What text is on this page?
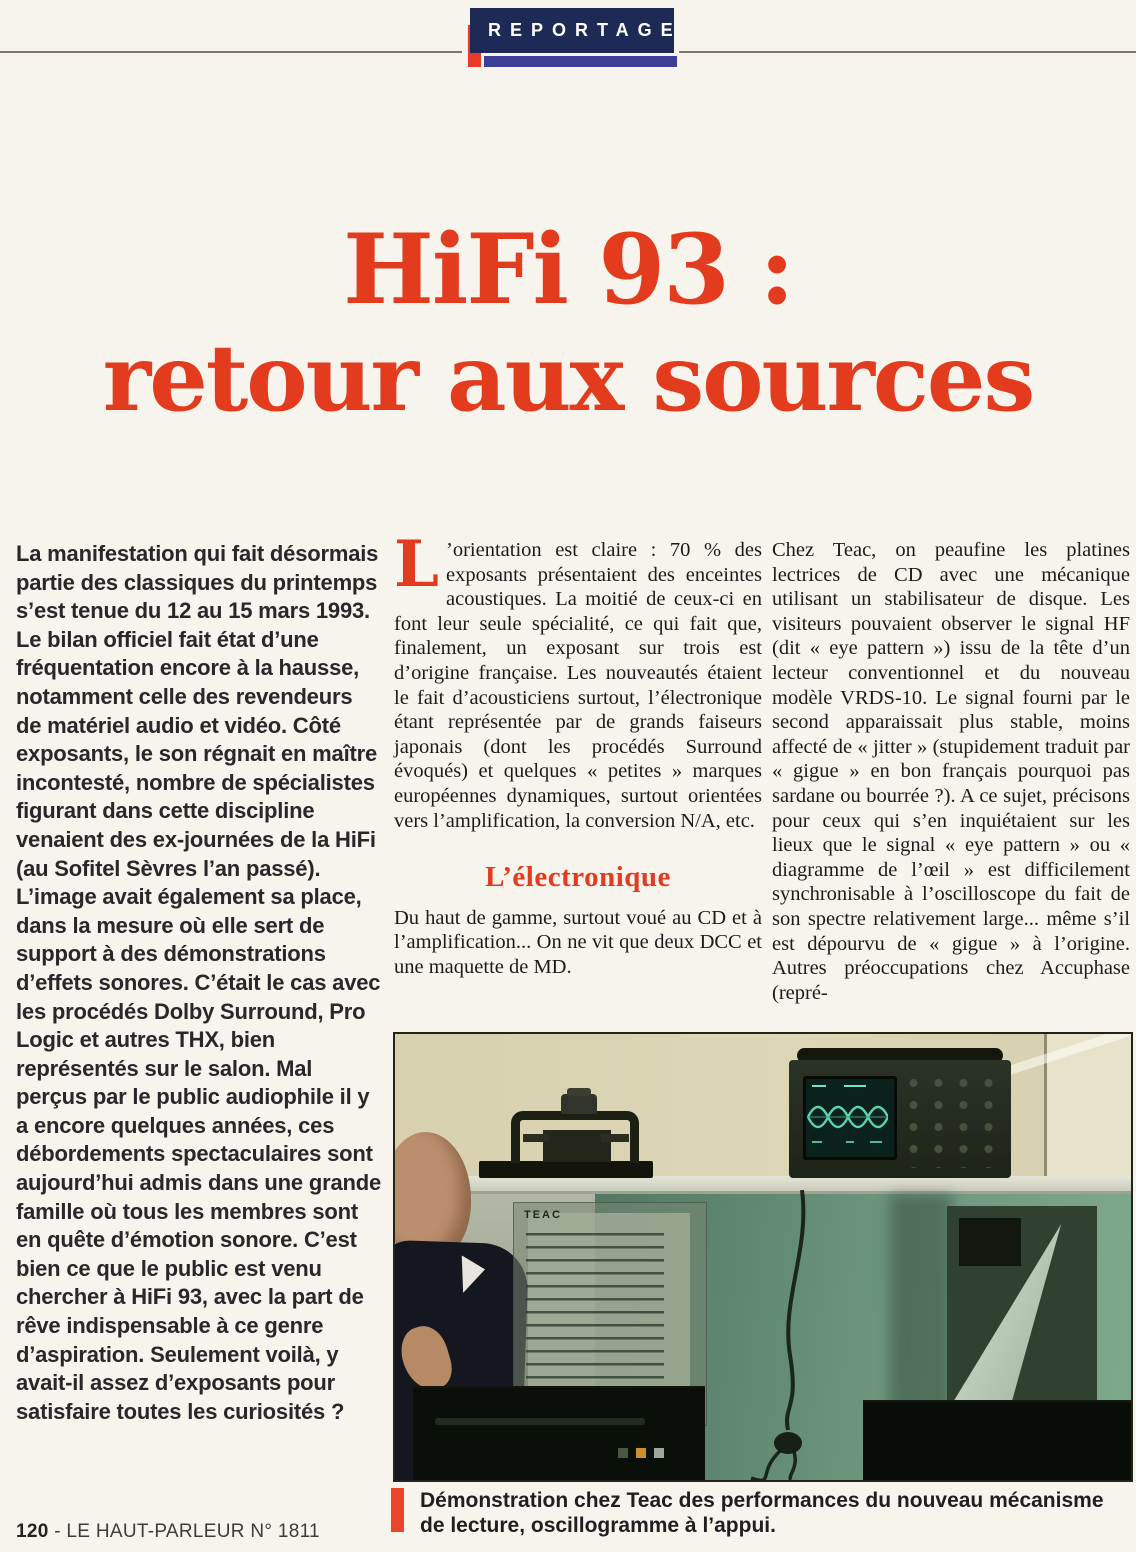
REPORTAGE
HiFi 93 :
retour aux sources
La manifestation qui fait désormais partie des classiques du printemps s’est tenue du 12 au 15 mars 1993. Le bilan officiel fait état d’une fréquentation encore à la hausse, notamment celle des revendeurs de matériel audio et vidéo. Côté exposants, le son régnait en maître incontesté, nombre de spécialistes figurant dans cette discipline venaient des ex-journées de la HiFi (au Sofitel Sèvres l’an passé). L’image avait également sa place, dans la mesure où elle sert de support à des démonstrations d’effets sonores. C’était le cas avec les procédés Dolby Surround, Pro Logic et autres THX, bien représentés sur le salon. Mal perçus par le public audiophile il y a encore quelques années, ces débordements spectaculaires sont aujourd’hui admis dans une grande famille où tous les membres sont en quête d’émotion sonore. C’est bien ce que le public est venu chercher à HiFi 93, avec la part de rêve indispensable à ce genre d’aspiration. Seulement voilà, y avait-il assez d’exposants pour satisfaire toutes les curiosités ?

L ’orientation est claire : 70 % des exposants présentaient des enceintes acoustiques. La moitié de ceux-ci en font leur seule spécialité, ce qui fait que, finalement, un exposant sur trois est d’origine française. Les nouveautés étaient le fait d’acousticiens surtout, l’électronique étant représentée par de grands faiseurs japonais (dont les procédés Surround évoqués) et quelques « petites » marques européennes dynamiques, surtout orientées vers l’amplification, la conversion N/A, etc.

L’électronique

Du haut de gamme, surtout voué au CD et à l’amplification... On ne vit que deux DCC et une maquette de MD.

Chez Teac, on peaufine les platines lectrices de CD avec une mécanique utilisant un stabilisateur de disque. Les visiteurs pouvaient observer le signal HF (dit « eye pattern ») issu de la tête d’un lecteur conventionnel et du nouveau modèle VRDS-10. Le signal fourni par le second apparaissait plus stable, moins affecté de « jitter » (stupidement traduit par « gigue » en bon français pourquoi pas sardane ou bourrée ?). A ce sujet, précisons pour ceux qui s’en inquiétaient sur les lieux que le signal « eye pattern » ou « diagramme de l’œil » est difficilement synchronisable à l’oscilloscope du fait de son spectre relativement large... même s’il est dépourvu de « gigue » à l’origine. Autres préoccupations chez Accuphase (repré-

TEAC
Démonstration chez Teac des performances du nouveau mécanisme de lecture, oscillogramme à l’appui.
120 - LE HAUT-PARLEUR N° 1811
